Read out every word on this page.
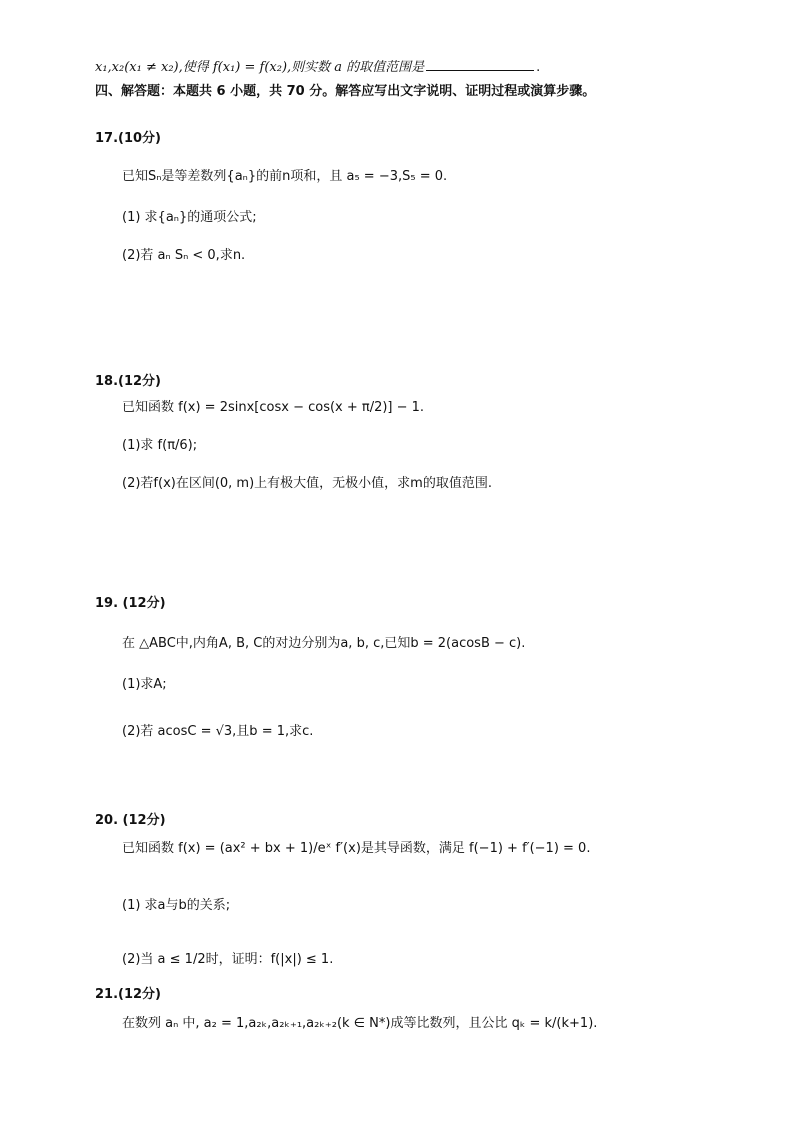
x₁,x₂(x₁ ≠ x₂),使得 f(x₁) = f(x₂),则实数 a 的取值范围是	.
四、解答题：本题共 6 小题，共 70 分。解答应写出文字说明、证明过程或演算步骤。
17.(10分)
已知Sₙ是等差数列{aₙ}的前n项和，且 a₅ = −3,S₅ = 0.
(1) 求{aₙ}的通项公式;
(2)若 aₙ Sₙ < 0,求n.
18.(12分)
已知函数 f(x) = 2sinx[cosx − cos(x + π/2)] − 1.
(1)求 f(π/6);
(2)若f(x)在区间(0, m)上有极大值，无极小值，求m的取值范围.
19. (12分)
在 △ABC中,内角A, B, C的对边分别为a, b, c,已知b = 2(acosB − c).
(1)求A;
(2)若 acosC = √3,且b = 1,求c.
20. (12分)
已知函数 f(x) = (ax² + bx + 1)/eˣ f′(x)是其导函数，满足 f(−1) + f′(−1) = 0.
(1) 求a与b的关系;
(2)当 a ≤ 1/2时，证明：f(|x|) ≤ 1.
21.(12分)
在数列 aₙ 中, a₂ = 1,a₂ₖ,a₂ₖ₊₁,a₂ₖ₊₂(k ∈ N*)成等比数列，且公比 qₖ = k/(k+1).
